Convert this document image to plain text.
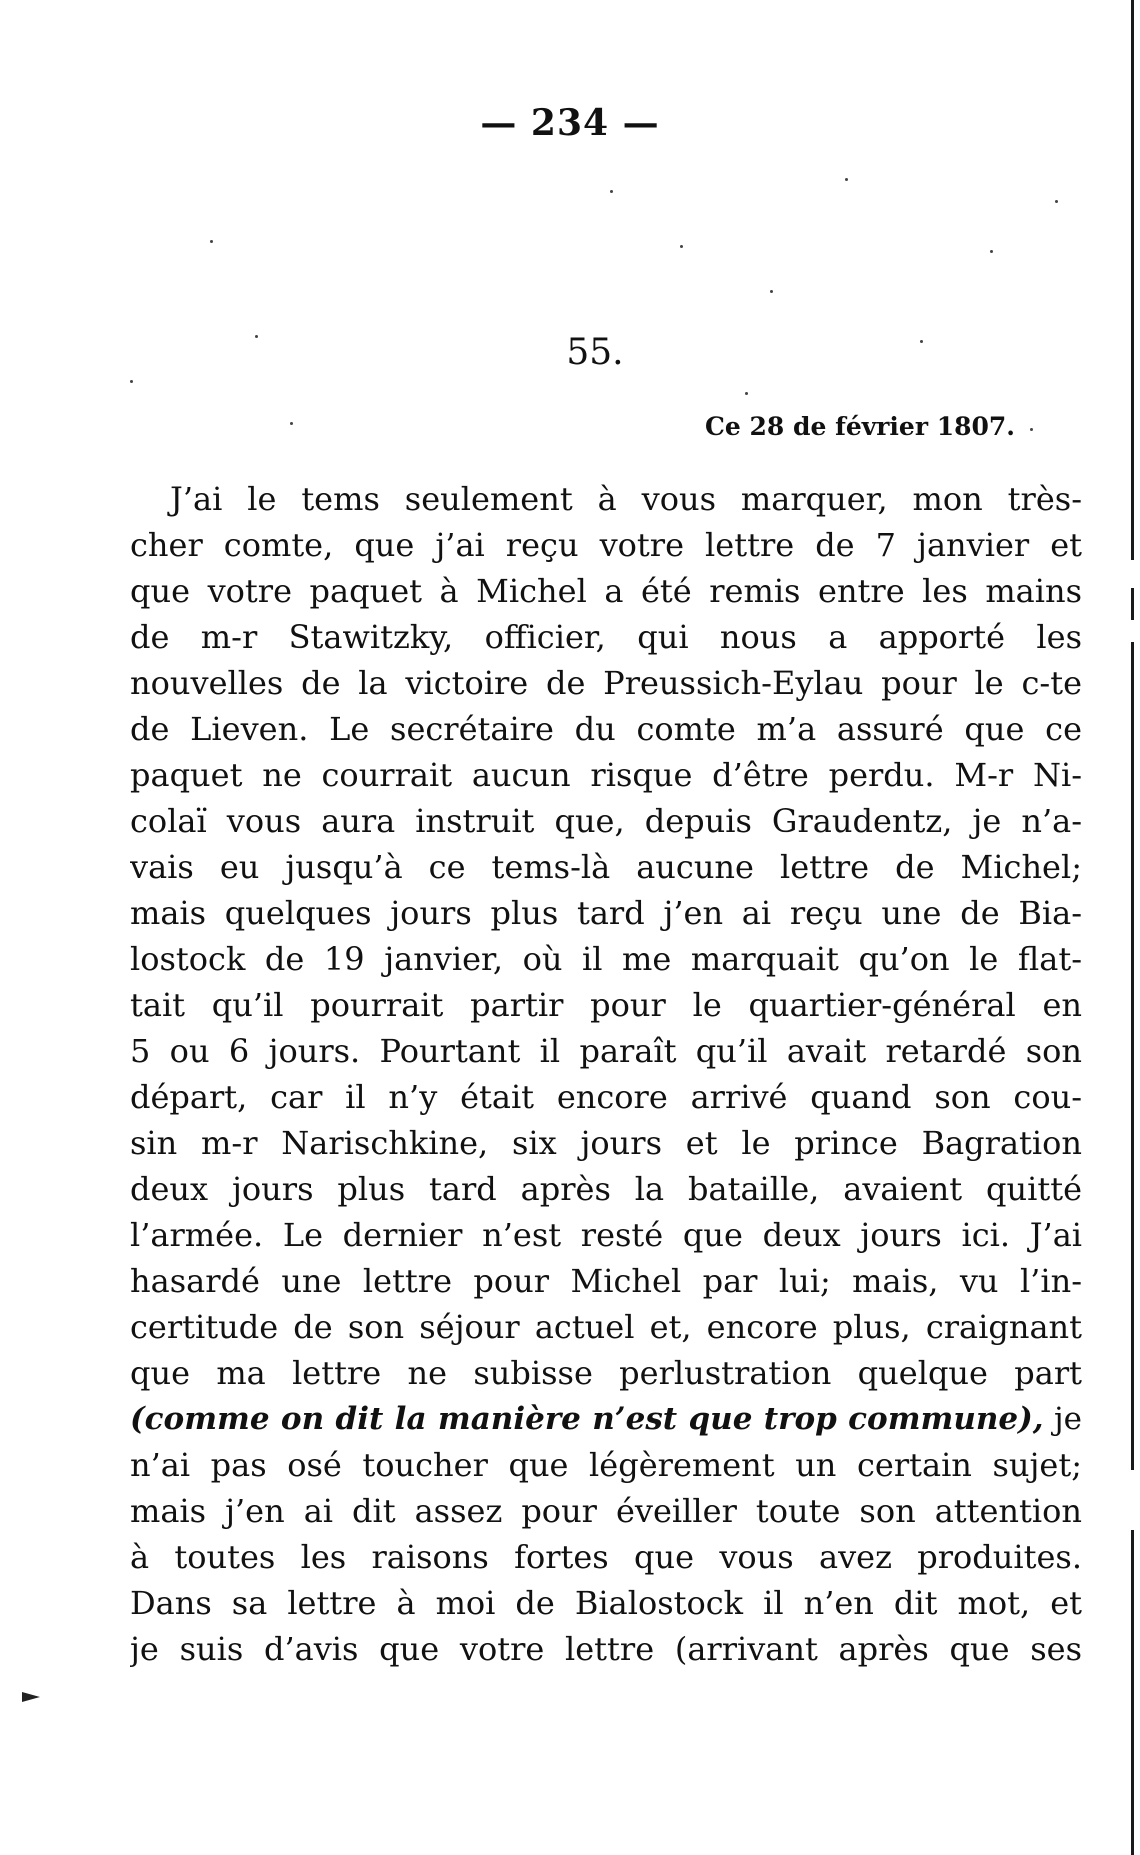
— 234 —
55.
Ce 28 de février 1807.
J’ai le tems seulement à vous marquer, mon très-
cher comte, que j’ai reçu votre lettre de 7 janvier et
que votre paquet à Michel a été remis entre les mains
de m-r Stawitzky, officier, qui nous a apporté les
nouvelles de la victoire de Preussich-Eylau pour le c-te
de Lieven. Le secrétaire du comte m’a assuré que ce
paquet ne courrait aucun risque d’être perdu. M-r Ni-
colaï vous aura instruit que, depuis Graudentz, je n’a-
vais eu jusqu’à ce tems-là aucune lettre de Michel;
mais quelques jours plus tard j’en ai reçu une de Bia-
lostock de 19 janvier, où il me marquait qu’on le flat-
tait qu’il pourrait partir pour le quartier-général en
5 ou 6 jours. Pourtant il paraît qu’il avait retardé son
départ, car il n’y était encore arrivé quand son cou-
sin m-r Narischkine, six jours et le prince Bagration
deux jours plus tard après la bataille, avaient quitté
l’armée. Le dernier n’est resté que deux jours ici. J’ai
hasardé une lettre pour Michel par lui; mais, vu l’in-
certitude de son séjour actuel et, encore plus, craignant
que ma lettre ne subisse perlustration quelque part
(comme on dit la manière n’est que trop commune), je
n’ai pas osé toucher que légèrement un certain sujet;
mais j’en ai dit assez pour éveiller toute son attention
à toutes les raisons fortes que vous avez produites.
Dans sa lettre à moi de Bialostock il n’en dit mot, et
je suis d’avis que votre lettre (arrivant après que ses
